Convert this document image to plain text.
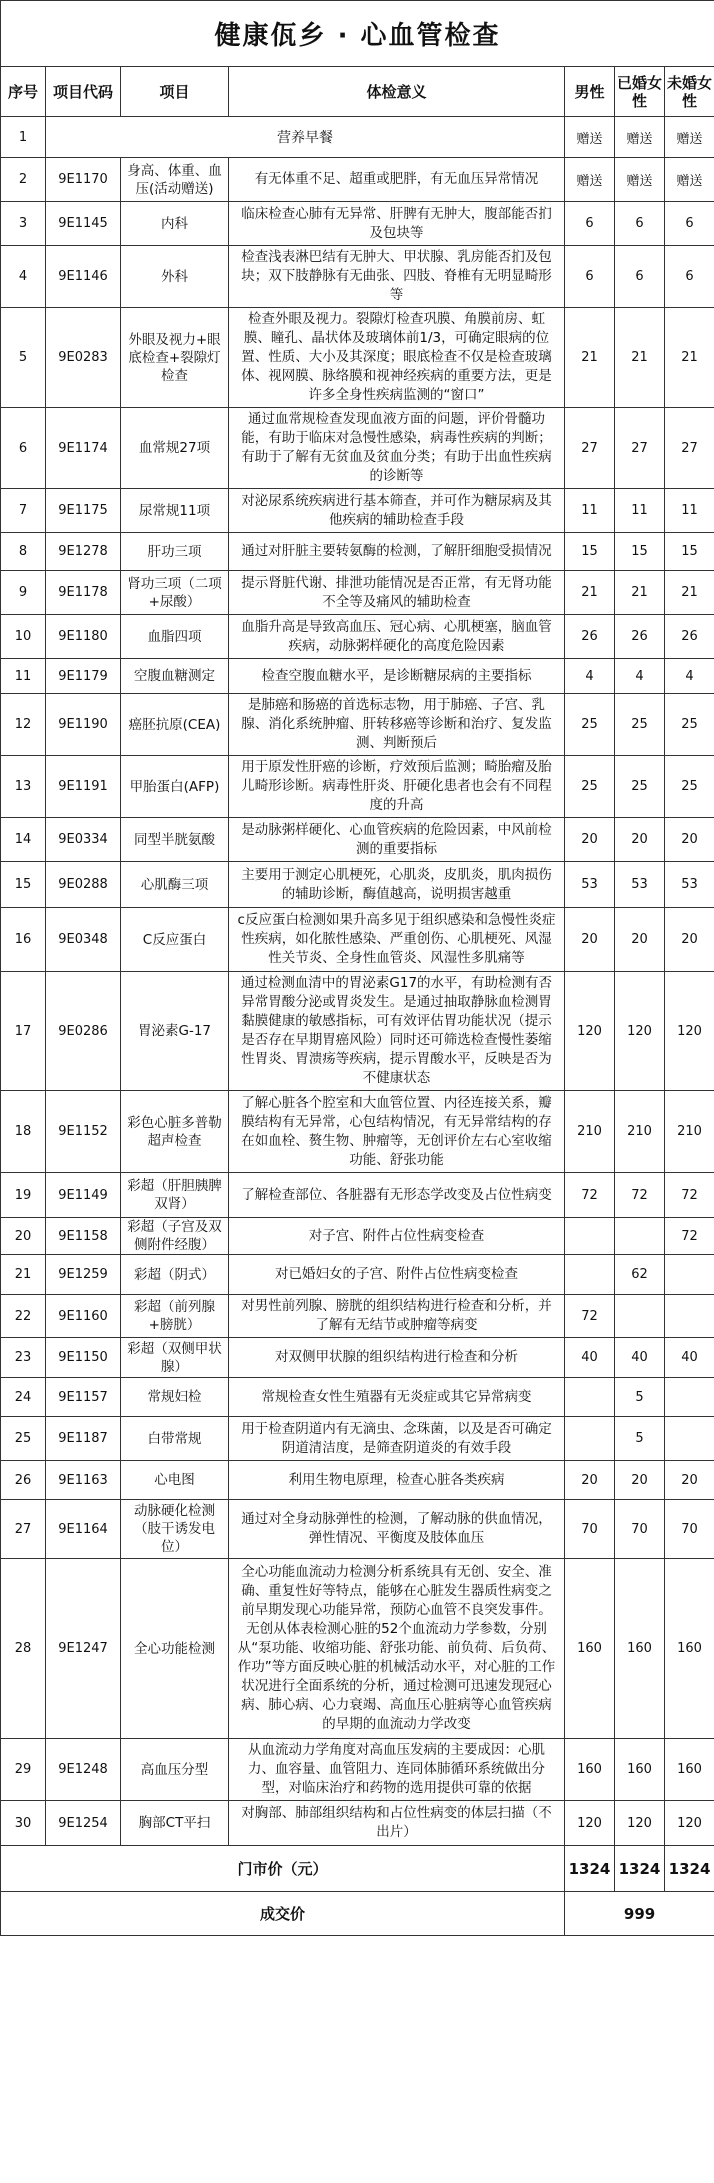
健康佤乡 · 心血管检查						
序号	项目代码	项目	体检意义	男性	已婚女性	未婚女性
1	营养早餐			赠送	赠送	赠送
2	9E1170	身高、体重、血压(活动赠送)	有无体重不足、超重或肥胖，有无血压异常情况	赠送	赠送	赠送
3	9E1145	内科	临床检查心肺有无异常、肝脾有无肿大，腹部能否扪及包块等	6	6	6
4	9E1146	外科	检查浅表淋巴结有无肿大、甲状腺、乳房能否扪及包块；双下肢静脉有无曲张、四肢、脊椎有无明显畸形等	6	6	6
5	9E0283	外眼及视力+眼底检查+裂隙灯检查	检查外眼及视力。裂隙灯检查巩膜、角膜前房、虹膜、瞳孔、晶状体及玻璃体前1/3，可确定眼病的位置、性质、大小及其深度；眼底检查不仅是检查玻璃体、视网膜、脉络膜和视神经疾病的重要方法，更是许多全身性疾病监测的“窗口”	21	21	21
6	9E1174	血常规27项	通过血常规检查发现血液方面的问题，评价骨髓功能，有助于临床对急慢性感染，病毒性疾病的判断；有助于了解有无贫血及贫血分类；有助于出血性疾病的诊断等	27	27	27
7	9E1175	尿常规11项	对泌尿系统疾病进行基本筛查，并可作为糖尿病及其他疾病的辅助检查手段	11	11	11
8	9E1278	肝功三项	通过对肝脏主要转氨酶的检测，了解肝细胞受损情况	15	15	15
9	9E1178	肾功三项（二项+尿酸）	提示肾脏代谢、排泄功能情况是否正常，有无肾功能不全等及痛风的辅助检查	21	21	21
10	9E1180	血脂四项	血脂升高是导致高血压、冠心病、心肌梗塞，脑血管疾病，动脉粥样硬化的高度危险因素	26	26	26
11	9E1179	空腹血糖测定	检查空腹血糖水平，是诊断糖尿病的主要指标	4	4	4
12	9E1190	癌胚抗原(CEA)	是肺癌和肠癌的首选标志物，用于肺癌、子宫、乳腺、消化系统肿瘤、肝转移癌等诊断和治疗、复发监测、判断预后	25	25	25
13	9E1191	甲胎蛋白(AFP)	用于原发性肝癌的诊断，疗效预后监测；畸胎瘤及胎儿畸形诊断。病毒性肝炎、肝硬化患者也会有不同程度的升高	25	25	25
14	9E0334	同型半胱氨酸	是动脉粥样硬化、心血管疾病的危险因素，中风前检测的重要指标	20	20	20
15	9E0288	心肌酶三项	主要用于测定心肌梗死，心肌炎，皮肌炎，肌肉损伤的辅助诊断，酶值越高，说明损害越重	53	53	53
16	9E0348	C反应蛋白	c反应蛋白检测如果升高多见于组织感染和急慢性炎症性疾病，如化脓性感染、严重创伤、心肌梗死、风湿性关节炎、全身性血管炎、风湿性多肌痛等	20	20	20
17	9E0286	胃泌素G-17	通过检测血清中的胃泌素G17的水平，有助检测有否异常胃酸分泌或胃炎发生。是通过抽取静脉血检测胃黏膜健康的敏感指标，可有效评估胃功能状况（提示是否存在早期胃癌风险）同时还可筛选检查慢性萎缩性胃炎、胃溃疡等疾病，提示胃酸水平，反映是否为不健康状态	120	120	120
18	9E1152	彩色心脏多普勒超声检查	了解心脏各个腔室和大血管位置、内径连接关系，瓣膜结构有无异常，心包结构情况，有无异常结构的存在如血栓、赘生物、肿瘤等，无创评价左右心室收缩功能、舒张功能	210	210	210
19	9E1149	彩超（肝胆胰脾双肾）	了解检查部位、各脏器有无形态学改变及占位性病变	72	72	72
20	9E1158	彩超（子宫及双侧附件经腹）	对子宫、附件占位性病变检查			72
21	9E1259	彩超（阴式）	对已婚妇女的子宫、附件占位性病变检查		62	
22	9E1160	彩超（前列腺+膀胱）	对男性前列腺、膀胱的组织结构进行检查和分析，并了解有无结节或肿瘤等病变	72		
23	9E1150	彩超（双侧甲状腺）	对双侧甲状腺的组织结构进行检查和分析	40	40	40
24	9E1157	常规妇检	常规检查女性生殖器有无炎症或其它异常病变		5	
25	9E1187	白带常规	用于检查阴道内有无滴虫、念珠菌，以及是否可确定阴道清洁度，是筛查阴道炎的有效手段		5	
26	9E1163	心电图	利用生物电原理，检查心脏各类疾病	20	20	20
27	9E1164	动脉硬化检测（肢干诱发电位）	通过对全身动脉弹性的检测，了解动脉的供血情况，弹性情况、平衡度及肢体血压	70	70	70
28	9E1247	全心功能检测	全心功能血流动力检测分析系统具有无创、安全、准确、重复性好等特点，能够在心脏发生器质性病变之前早期发现心功能异常，预防心血管不良突发事件。无创从体表检测心脏的52个血流动力学参数，分别从“泵功能、收缩功能、舒张功能、前负荷、后负荷、作功”等方面反映心脏的机械活动水平，对心脏的工作状况进行全面系统的分析，通过检测可迅速发现冠心病、肺心病、心力衰竭、高血压心脏病等心血管疾病的早期的血流动力学改变	160	160	160
29	9E1248	高血压分型	从血流动力学角度对高血压发病的主要成因：心肌力、血容量、血管阻力、连同体肺循环系统做出分型，对临床治疗和药物的选用提供可靠的依据	160	160	160
30	9E1254	胸部CT平扫	对胸部、肺部组织结构和占位性病变的体层扫描（不出片）	120	120	120
门市价（元）				1324	1324	1324
成交价				999		
